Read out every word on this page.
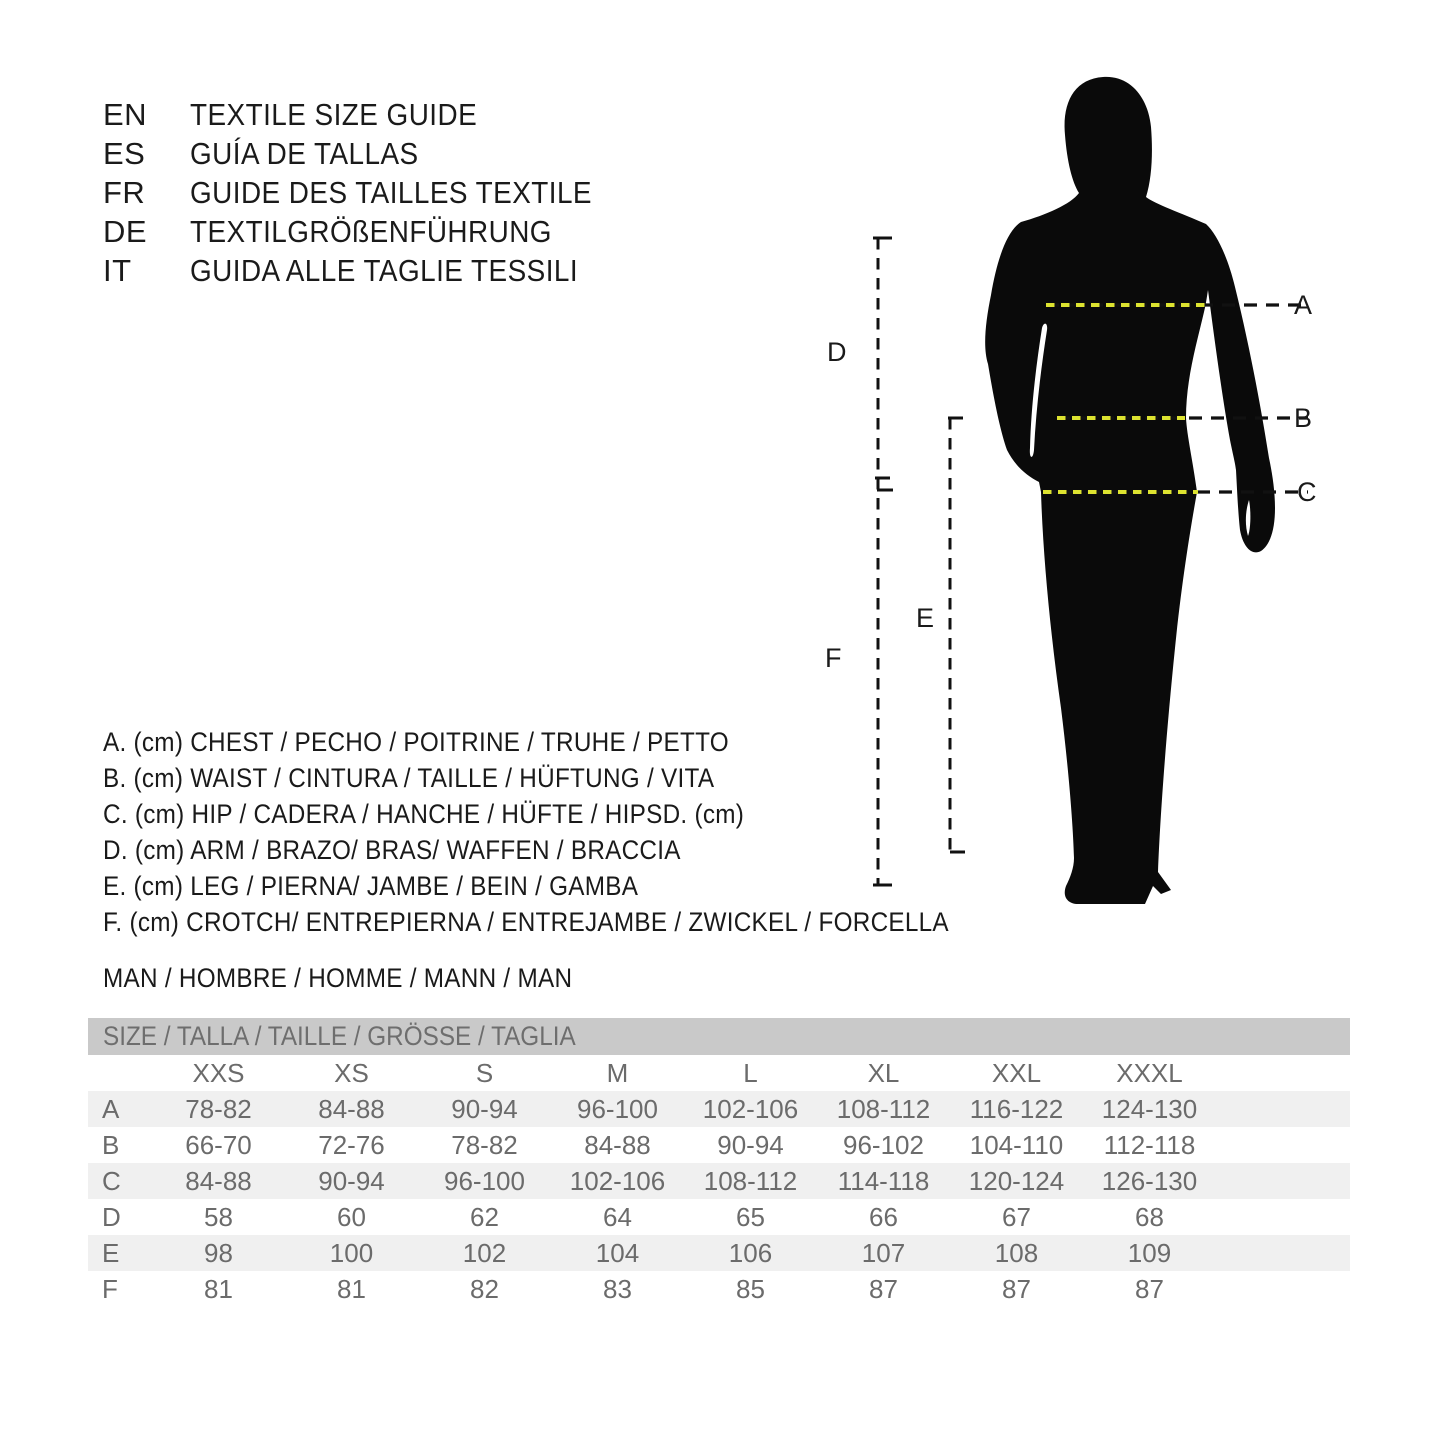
EN	TEXTILE SIZE GUIDE
ES	GUÍA DE TALLAS
FR	GUIDE DES TAILLES TEXTILE
DE	TEXTILGRÖßENFÜHRUNG
IT	GUIDA ALLE TAGLIE TESSILI
A. (cm) CHEST / PECHO / POITRINE / TRUHE / PETTO
B. (cm) WAIST / CINTURA / TAILLE / HÜFTUNG / VITA
C. (cm) HIP / CADERA / HANCHE / HÜFTE / HIPSD. (cm)
D. (cm) ARM / BRAZO/ BRAS/ WAFFEN / BRACCIA
E. (cm) LEG / PIERNA/ JAMBE / BEIN / GAMBA
F. (cm) CROTCH/ ENTREPIERNA / ENTREJAMBE / ZWICKEL / FORCELLA
MAN / HOMBRE / HOMME / MANN / MAN
A
B
C
D
E
F
SIZE / TALLA / TAILLE / GRÖSSE / TAGLIA
XXS	XS	S	M	L	XL	XXL	XXXL
A	78-82	84-88	90-94	96-100	102-106	108-112	116-122	124-130
B	66-70	72-76	78-82	84-88	90-94	96-102	104-110	112-118
C	84-88	90-94	96-100	102-106	108-112	114-118	120-124	126-130
D	58	60	62	64	65	66	67	68
E	98	100	102	104	106	107	108	109
F	81	81	82	83	85	87	87	87
